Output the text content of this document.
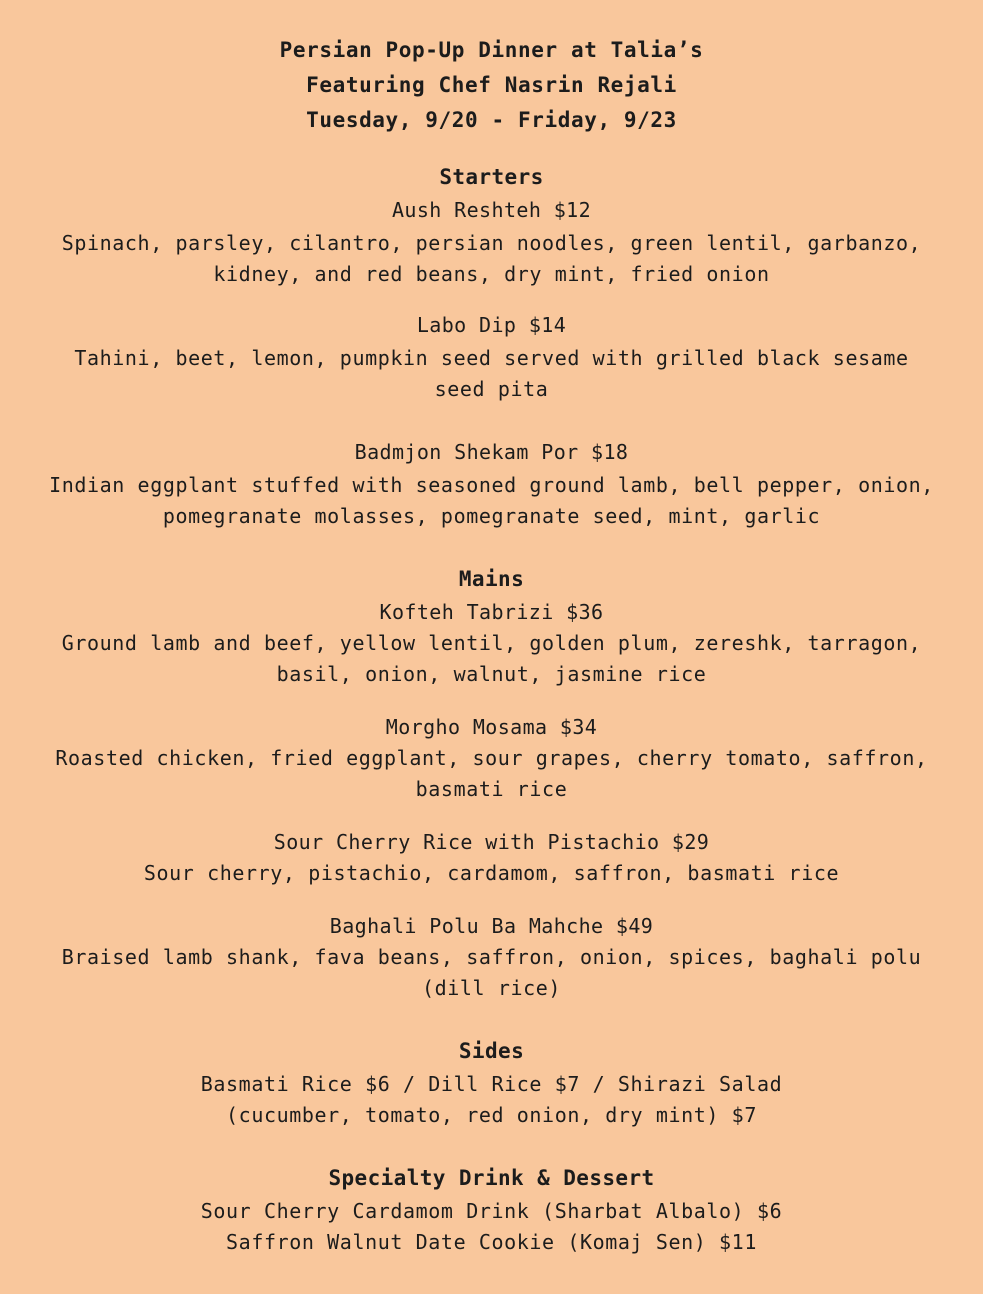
Persian Pop-Up Dinner at Talia’s
Featuring Chef Nasrin Rejali
Tuesday, 9/20 - Friday, 9/23
Starters
Aush Reshteh $12
Spinach, parsley, cilantro, persian noodles, green lentil, garbanzo,
kidney, and red beans, dry mint, fried onion
Labo Dip $14
Tahini, beet, lemon, pumpkin seed served with grilled black sesame
seed pita
Badmjon Shekam Por $18
Indian eggplant stuffed with seasoned ground lamb, bell pepper, onion,
pomegranate molasses, pomegranate seed, mint, garlic
Mains
Kofteh Tabrizi $36
Ground lamb and beef, yellow lentil, golden plum, zereshk, tarragon,
basil, onion, walnut, jasmine rice
Morgho Mosama $34
Roasted chicken, fried eggplant, sour grapes, cherry tomato, saffron,
basmati rice
Sour Cherry Rice with Pistachio $29
Sour cherry, pistachio, cardamom, saffron, basmati rice
Baghali Polu Ba Mahche $49
Braised lamb shank, fava beans, saffron, onion, spices, baghali polu
(dill rice)
Sides
Basmati Rice $6 / Dill Rice $7 / Shirazi Salad
(cucumber, tomato, red onion, dry mint) $7
Specialty Drink & Dessert
Sour Cherry Cardamom Drink (Sharbat Albalo) $6
Saffron Walnut Date Cookie (Komaj Sen) $11
